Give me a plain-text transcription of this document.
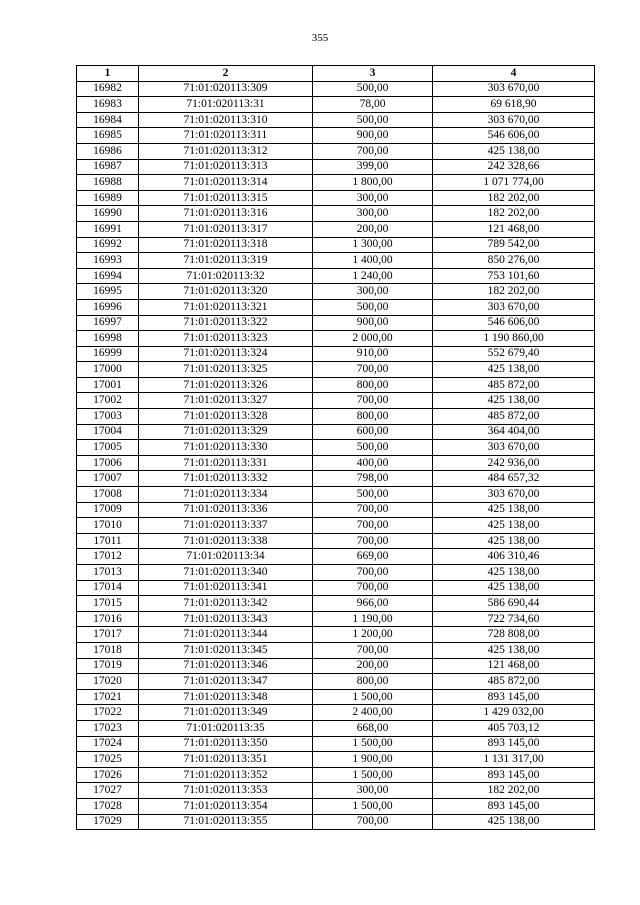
355
1	2	3	4
16982	71:01:020113:309	500,00	303 670,00
16983	71:01:020113:31	78,00	69 618,90
16984	71:01:020113:310	500,00	303 670,00
16985	71:01:020113:311	900,00	546 606,00
16986	71:01:020113:312	700,00	425 138,00
16987	71:01:020113:313	399,00	242 328,66
16988	71:01:020113:314	1 800,00	1 071 774,00
16989	71:01:020113:315	300,00	182 202,00
16990	71:01:020113:316	300,00	182 202,00
16991	71:01:020113:317	200,00	121 468,00
16992	71:01:020113:318	1 300,00	789 542,00
16993	71:01:020113:319	1 400,00	850 276,00
16994	71:01:020113:32	1 240,00	753 101,60
16995	71:01:020113:320	300,00	182 202,00
16996	71:01:020113:321	500,00	303 670,00
16997	71:01:020113:322	900,00	546 606,00
16998	71:01:020113:323	2 000,00	1 190 860,00
16999	71:01:020113:324	910,00	552 679,40
17000	71:01:020113:325	700,00	425 138,00
17001	71:01:020113:326	800,00	485 872,00
17002	71:01:020113:327	700,00	425 138,00
17003	71:01:020113:328	800,00	485 872,00
17004	71:01:020113:329	600,00	364 404,00
17005	71:01:020113:330	500,00	303 670,00
17006	71:01:020113:331	400,00	242 936,00
17007	71:01:020113:332	798,00	484 657,32
17008	71:01:020113:334	500,00	303 670,00
17009	71:01:020113:336	700,00	425 138,00
17010	71:01:020113:337	700,00	425 138,00
17011	71:01:020113:338	700,00	425 138,00
17012	71:01:020113:34	669,00	406 310,46
17013	71:01:020113:340	700,00	425 138,00
17014	71:01:020113:341	700,00	425 138,00
17015	71:01:020113:342	966,00	586 690,44
17016	71:01:020113:343	1 190,00	722 734,60
17017	71:01:020113:344	1 200,00	728 808,00
17018	71:01:020113:345	700,00	425 138,00
17019	71:01:020113:346	200,00	121 468,00
17020	71:01:020113:347	800,00	485 872,00
17021	71:01:020113:348	1 500,00	893 145,00
17022	71:01:020113:349	2 400,00	1 429 032,00
17023	71:01:020113:35	668,00	405 703,12
17024	71:01:020113:350	1 500,00	893 145,00
17025	71:01:020113:351	1 900,00	1 131 317,00
17026	71:01:020113:352	1 500,00	893 145,00
17027	71:01:020113:353	300,00	182 202,00
17028	71:01:020113:354	1 500,00	893 145,00
17029	71:01:020113:355	700,00	425 138,00
